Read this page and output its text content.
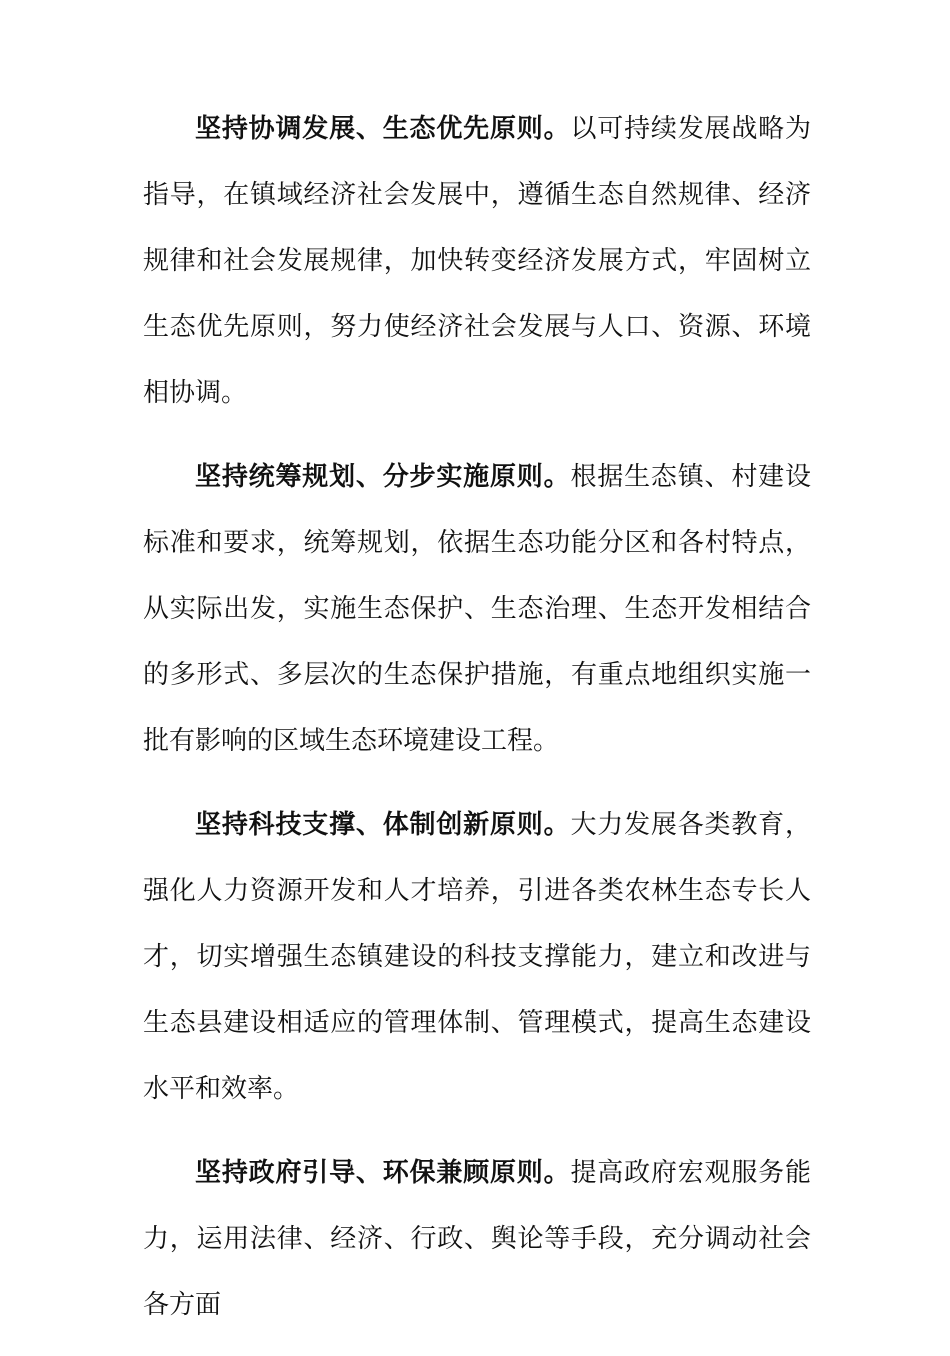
坚持协调发展、生态优先原则。以可持续发展战略为指导，在镇域经济社会发展中，遵循生态自然规律、经济规律和社会发展规律，加快转变经济发展方式，牢固树立生态优先原则，努力使经济社会发展与人口、资源、环境相协调。

坚持统筹规划、分步实施原则。根据生态镇、村建设标准和要求，统筹规划，依据生态功能分区和各村特点，从实际出发，实施生态保护、生态治理、生态开发相结合的多形式、多层次的生态保护措施，有重点地组织实施一批有影响的区域生态环境建设工程。

坚持科技支撑、体制创新原则。大力发展各类教育，强化人力资源开发和人才培养，引进各类农林生态专长人才，切实增强生态镇建设的科技支撑能力，建立和改进与生态县建设相适应的管理体制、管理模式，提高生态建设水平和效率。

坚持政府引导、环保兼顾原则。提高政府宏观服务能力，运用法律、经济、行政、舆论等手段，充分调动社会各方面
